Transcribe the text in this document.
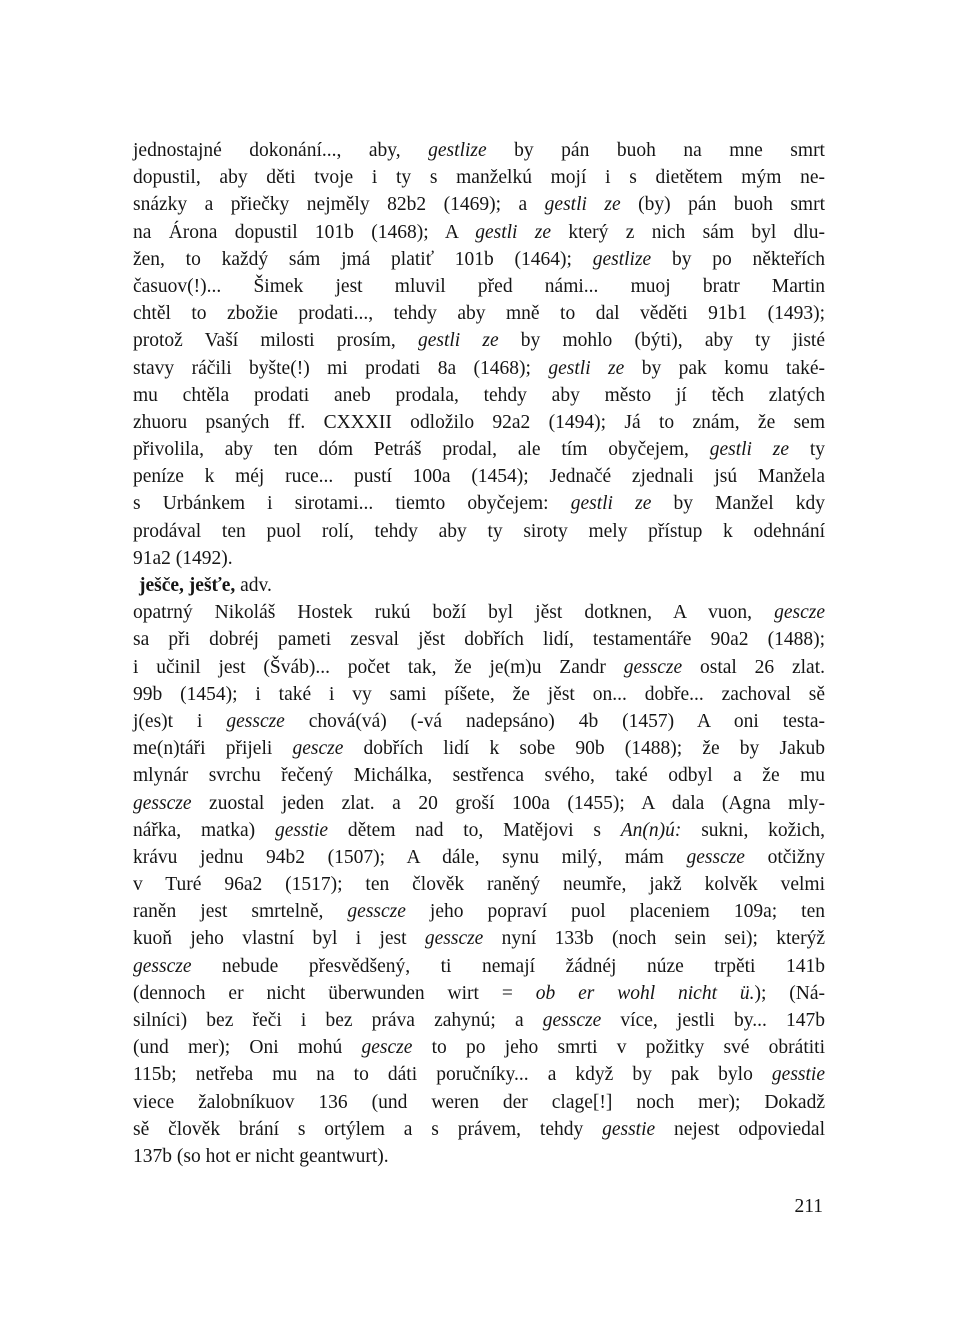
jednostajné dokonání..., aby, gestlize by pán buoh na mne smrt
dopustil, aby děti tvoje i ty s manželkú mojí i s dietětem mým ne-
snázky a přiečky nejměly 82b2 (1469); a gestli ze (by) pán buoh smrt
na Árona dopustil 101b (1468); A gestli ze který z nich sám byl dlu-
žen, to každý sám jmá platiť 101b (1464); gestlize by po někteřích
časuov(!)... Šimek jest mluvil před námi... muoj bratr Martin
chtěl to zbožie prodati..., tehdy aby mně to dal věděti 91b1 (1493);
protož Vaší milosti prosím, gestli ze by mohlo (býti), aby ty jisté
stavy ráčili byšte(!) mi prodati 8a (1468); gestli ze by pak komu také-
mu chtěla prodati aneb prodala, tehdy aby město jí těch zlatých
zhuoru psaných ff. CXXXII odložilo 92a2 (1494); Já to znám, že sem
přivolila, aby ten dóm Petráš prodal, ale tím obyčejem, gestli ze ty
peníze k méj ruce... pustí 100a (1454); Jednačé zjednali jsú Manžela
s Urbánkem i sirotami... tiemto obyčejem: gestli ze by Manžel kdy
prodával ten puol rolí, tehdy aby ty siroty mely přístup k odehnání
91a2 (1492).
ješče, ješťe, adv.
opatrný Nikoláš Hostek rukú boží byl jěst dotknen, A vuon, gescze
sa při dobréj pameti zesval jěst dobřích lidí, testamentáře 90a2 (1488);
i učinil jest (Šváb)... počet tak, že je(m)u Zandr gesscze ostal 26 zlat.
99b (1454); i také i vy sami píšete, že jěst on... dobře... zachoval sě
j(es)t i gesscze chová(vá) (-vá nadepsáno) 4b (1457) A oni testa-
me(n)táři přijeli gescze dobřích lidí k sobe 90b (1488); že by Jakub
mlynár svrchu řečený Michálka, sestřenca svého, také odbyl a že mu
gesscze zuostal jeden zlat. a 20 groší 100a (1455); A dala (Agna mly-
nářka, matka) gesstie dětem nad to, Matějovi s An(n)ú: sukni, kožich,
krávu jednu 94b2 (1507); A dále, synu milý, mám gesscze otčižny
v Turé 96a2 (1517); ten člověk raněný neumře, jakž kolvěk velmi
raněn jest smrtelně, gesscze jeho popraví puol placeniem 109a; ten
kuoň jeho vlastní byl i jest gesscze nyní 133b (noch sein sei); kterýž
gesscze nebude přesvědšený, ti nemají žádnéj núze trpěti 141b
(dennoch er nicht überwunden wirt = ob er wohl nicht ü.); (Ná-
silníci) bez řeči i bez práva zahynú; a gesscze více, jestli by... 147b
(und mer); Oni mohú gescze to po jeho smrti v požitky své obrátiti
115b; netřeba mu na to dáti poručníky... a když by pak bylo gesstie
viece žalobníkuov 136 (und weren der clage[!] noch mer); Dokadž
sě člověk brání s ortýlem a s právem, tehdy gesstie nejest odpoviedal
137b (so hot er nicht geantwurt).
211
